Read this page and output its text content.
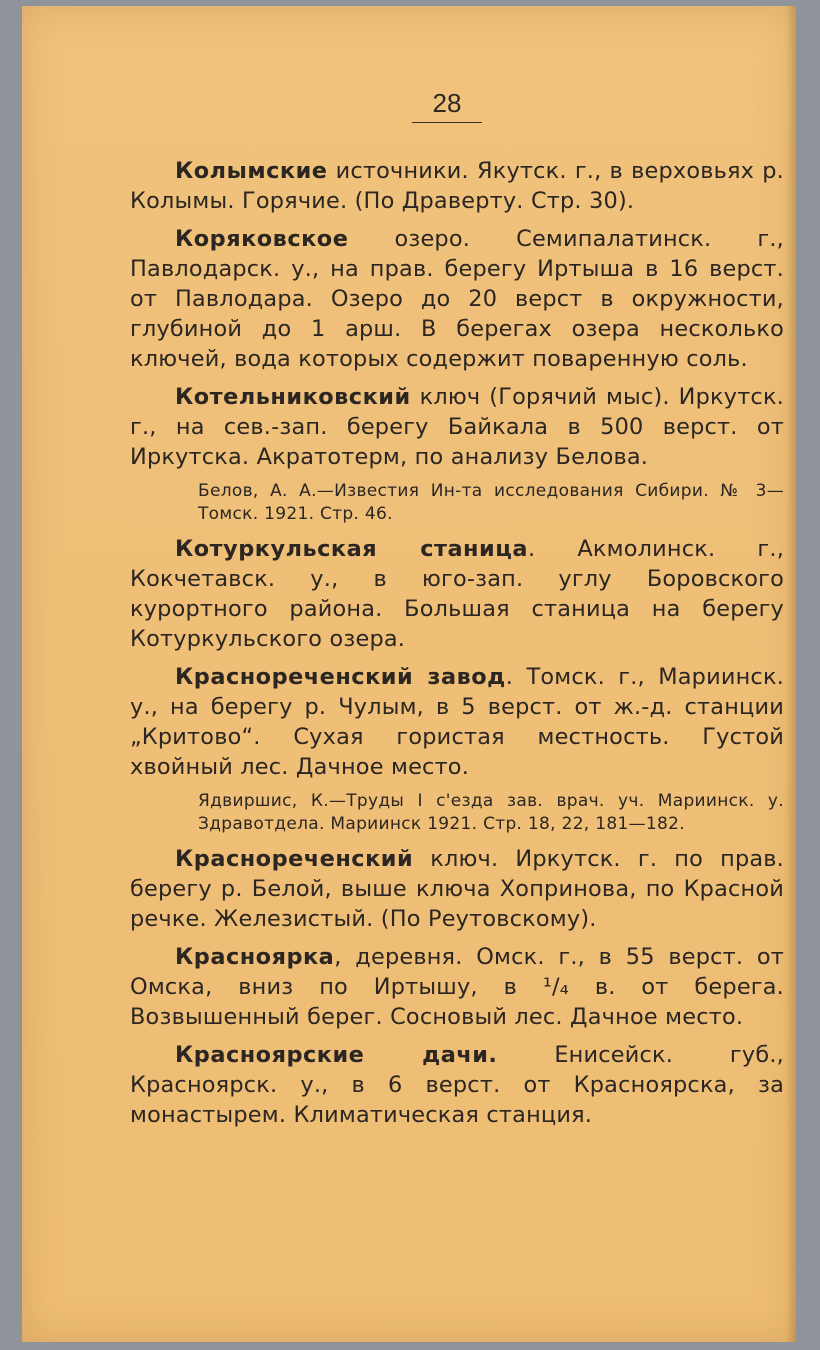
28

Колымские источники. Якутск. г., в верховьях р. Колымы. Горячие. (По Драверту. Стр. 30).

Коряковское озеро. Семипалатинск. г., Павлодарск. у., на прав. берегу Иртыша в 16 верст. от Павлодара. Озеро до 20 верст в окружности, глубиной до 1 арш. В берегах озера несколько ключей, вода которых содержит поваренную соль.

Котельниковский ключ (Горячий мыс). Иркутск. г., на сев.-зап. берегу Байкала в 500 верст. от Иркутска. Акратотерм, по анализу Белова.

Белов, А. А.—Известия Ин-та исследования Сибири. № 3—Томск. 1921. Стр. 46.

Котуркульская станица. Акмолинск. г., Кокчетавск. у., в юго-зап. углу Боровского курортного района. Большая станица на берегу Котуркульского озера.

Краснореченский завод. Томск. г., Мариинск. у., на берегу р. Чулым, в 5 верст. от ж.-д. станции „Критово“. Сухая гористая местность. Густой хвойный лес. Дачное место.

Ядвиршис, К.—Труды I с'езда зав. врач. уч. Мариинск. у. Здравотдела. Мариинск 1921. Стр. 18, 22, 181—182.

Краснореченский ключ. Иркутск. г. по прав. берегу р. Белой, выше ключа Хопринова, по Красной речке. Железистый. (По Реутовскому).

Красноярка, деревня. Омск. г., в 55 верст. от Омска, вниз по Иртышу, в ¹/₄ в. от берега. Возвышенный берег. Сосновый лес. Дачное место.

Красноярские дачи. Енисейск. губ., Красноярск. у., в 6 верст. от Красноярска, за монастырем. Климатическая станция.
